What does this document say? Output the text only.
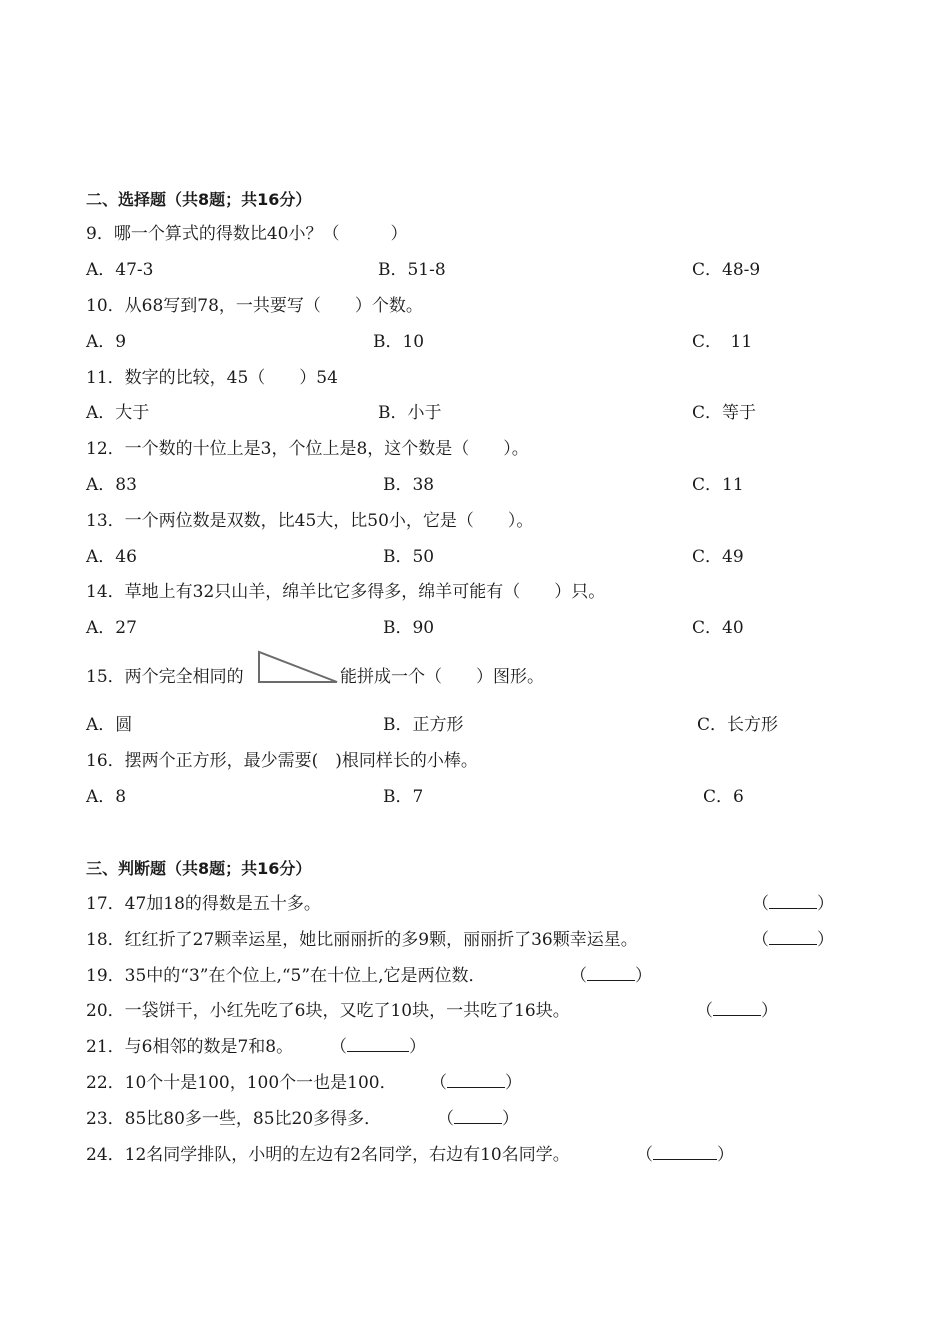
二、选择题（共8题；共16分）
9．哪一个算式的得数比40小？（　　　）
A．47-3	B．51-8	C．48-9
10．从68写到78，一共要写（　　）个数。
A．9	B．10	C．　11
11．数字的比较，45（　　）54
A．大于	B．小于	C．等于
12．一个数的十位上是3，个位上是8，这个数是（　　）。
A．83	B．38	C．11
13．一个两位数是双数，比45大，比50小，它是（　　）。
A．46	B．50	C．49
14．草地上有32只山羊，绵羊比它多得多，绵羊可能有（　　）只。
A．27	B．90	C．40
15．两个完全相同的	能拼成一个（　　）图形。
A．圆	B．正方形	C．长方形
16．摆两个正方形，最少需要(　)根同样长的小棒。
A．8	B．7	C．6
三、判断题（共8题；共16分）
17．47加18的得数是五十多。	（	）
18．红红折了27颗幸运星，她比丽丽折的多9颗，丽丽折了36颗幸运星。	（	）
19．35中的“3”在个位上,“5”在十位上,它是两位数．	（	）
20．一袋饼干，小红先吃了6块，又吃了10块，一共吃了16块。	（	）
21．与6相邻的数是7和8。 （	）
22．10个十是100，100个一也是100． （	）
23．85比80多一些，85比20多得多．	（	）
24．12名同学排队，小明的左边有2名同学，右边有10名同学。	（	）
